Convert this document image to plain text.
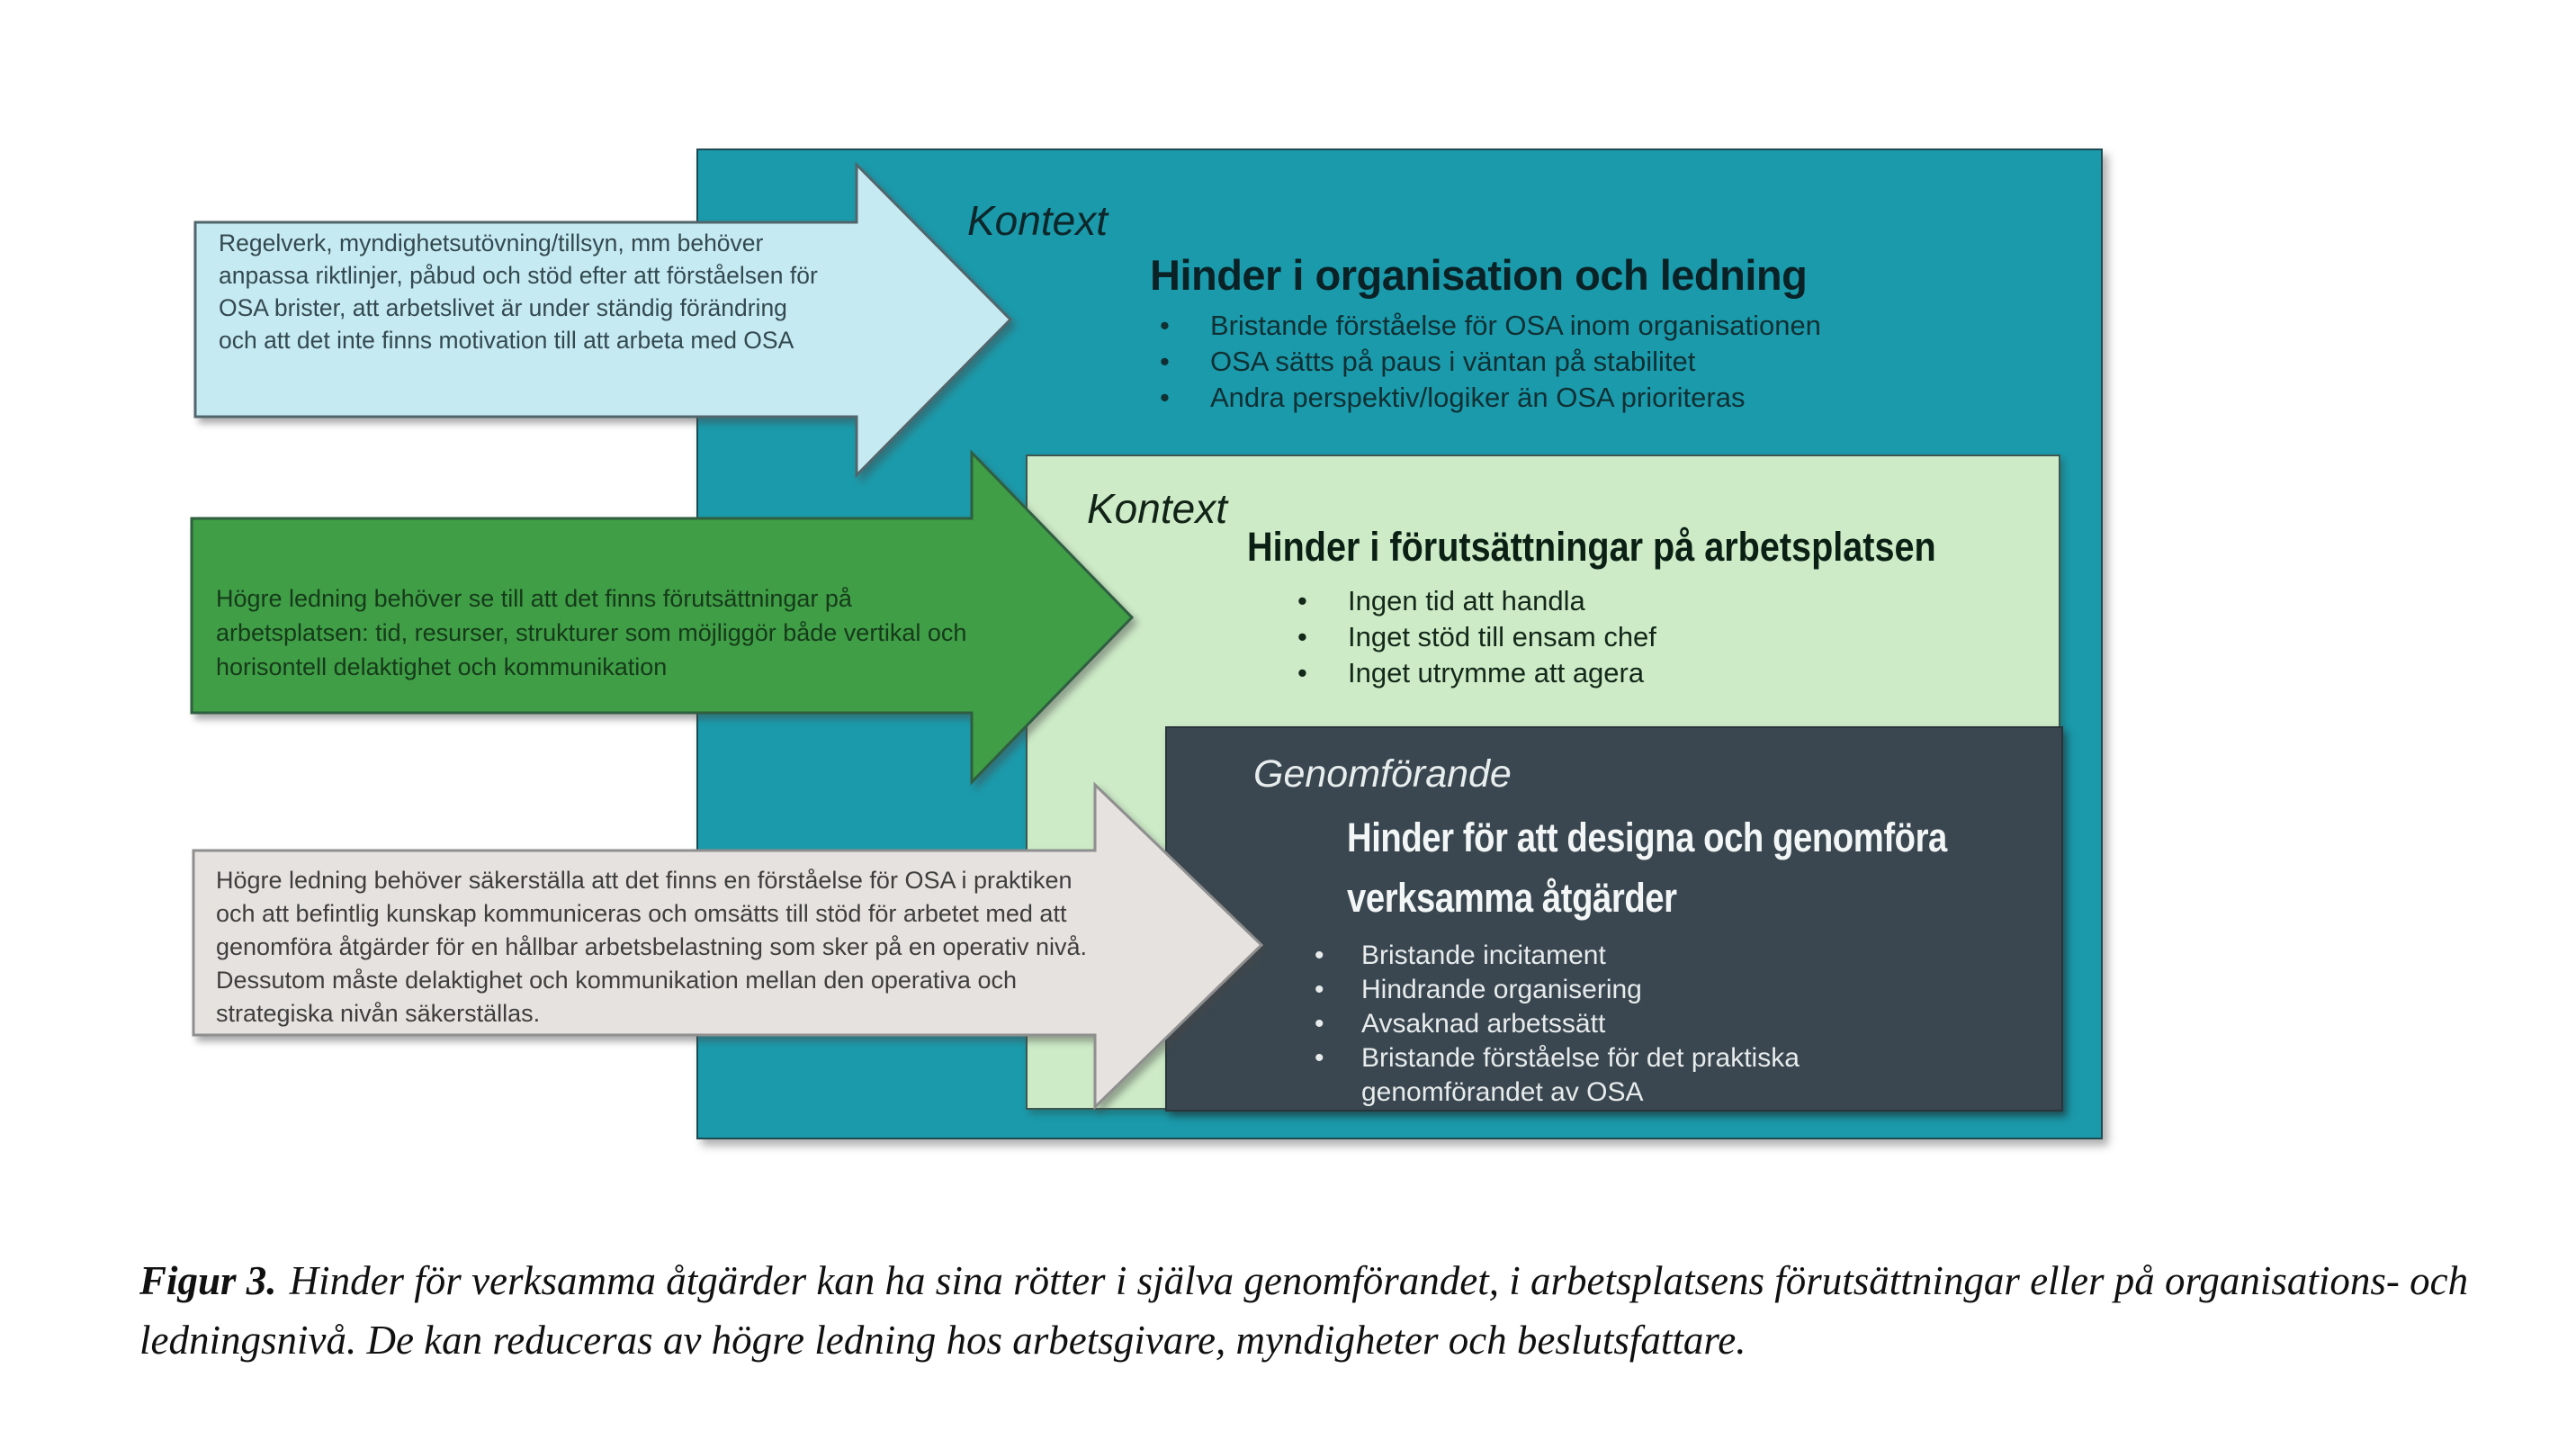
Regelverk, myndighetsutövning/tillsyn, mm behöver anpassa riktlinjer, påbud och stöd efter att förståelsen för OSA brister, att arbetslivet är under ständig förändring och att det inte finns motivation till att arbeta med OSA
Högre ledning behöver se till att det finns förutsättningar på arbetsplatsen: tid, resurser, strukturer som möjliggör både vertikal och horisontell delaktighet och kommunikation
Högre ledning behöver säkerställa att det finns en förståelse för OSA i praktiken och att befintlig kunskap kommuniceras och omsätts till stöd för arbetet med att genomföra åtgärder för en hållbar arbetsbelastning som sker på en operativ nivå. Dessutom måste delaktighet och kommunikation mellan den operativa och strategiska nivån säkerställas.
Kontext
Hinder i organisation och ledning
• Bristande förståelse för OSA inom organisationen
• OSA sätts på paus i väntan på stabilitet
• Andra perspektiv/logiker än OSA prioriteras
Kontext
Hinder i förutsättningar på arbetsplatsen
• Ingen tid att handla
• Inget stöd till ensam chef
• Inget utrymme att agera
Genomförande
Hinder för att designa och genomföra verksamma åtgärder
• Bristande incitament
• Hindrande organisering
• Avsaknad arbetssätt
• Bristande förståelse för det praktiska genomförandet av OSA
Figur 3. Hinder för verksamma åtgärder kan ha sina rötter i själva genomförandet, i arbetsplatsens förutsättningar eller på organisations- och ledningsnivå. De kan reduceras av högre ledning hos arbetsgivare, myndigheter och beslutsfattare.
